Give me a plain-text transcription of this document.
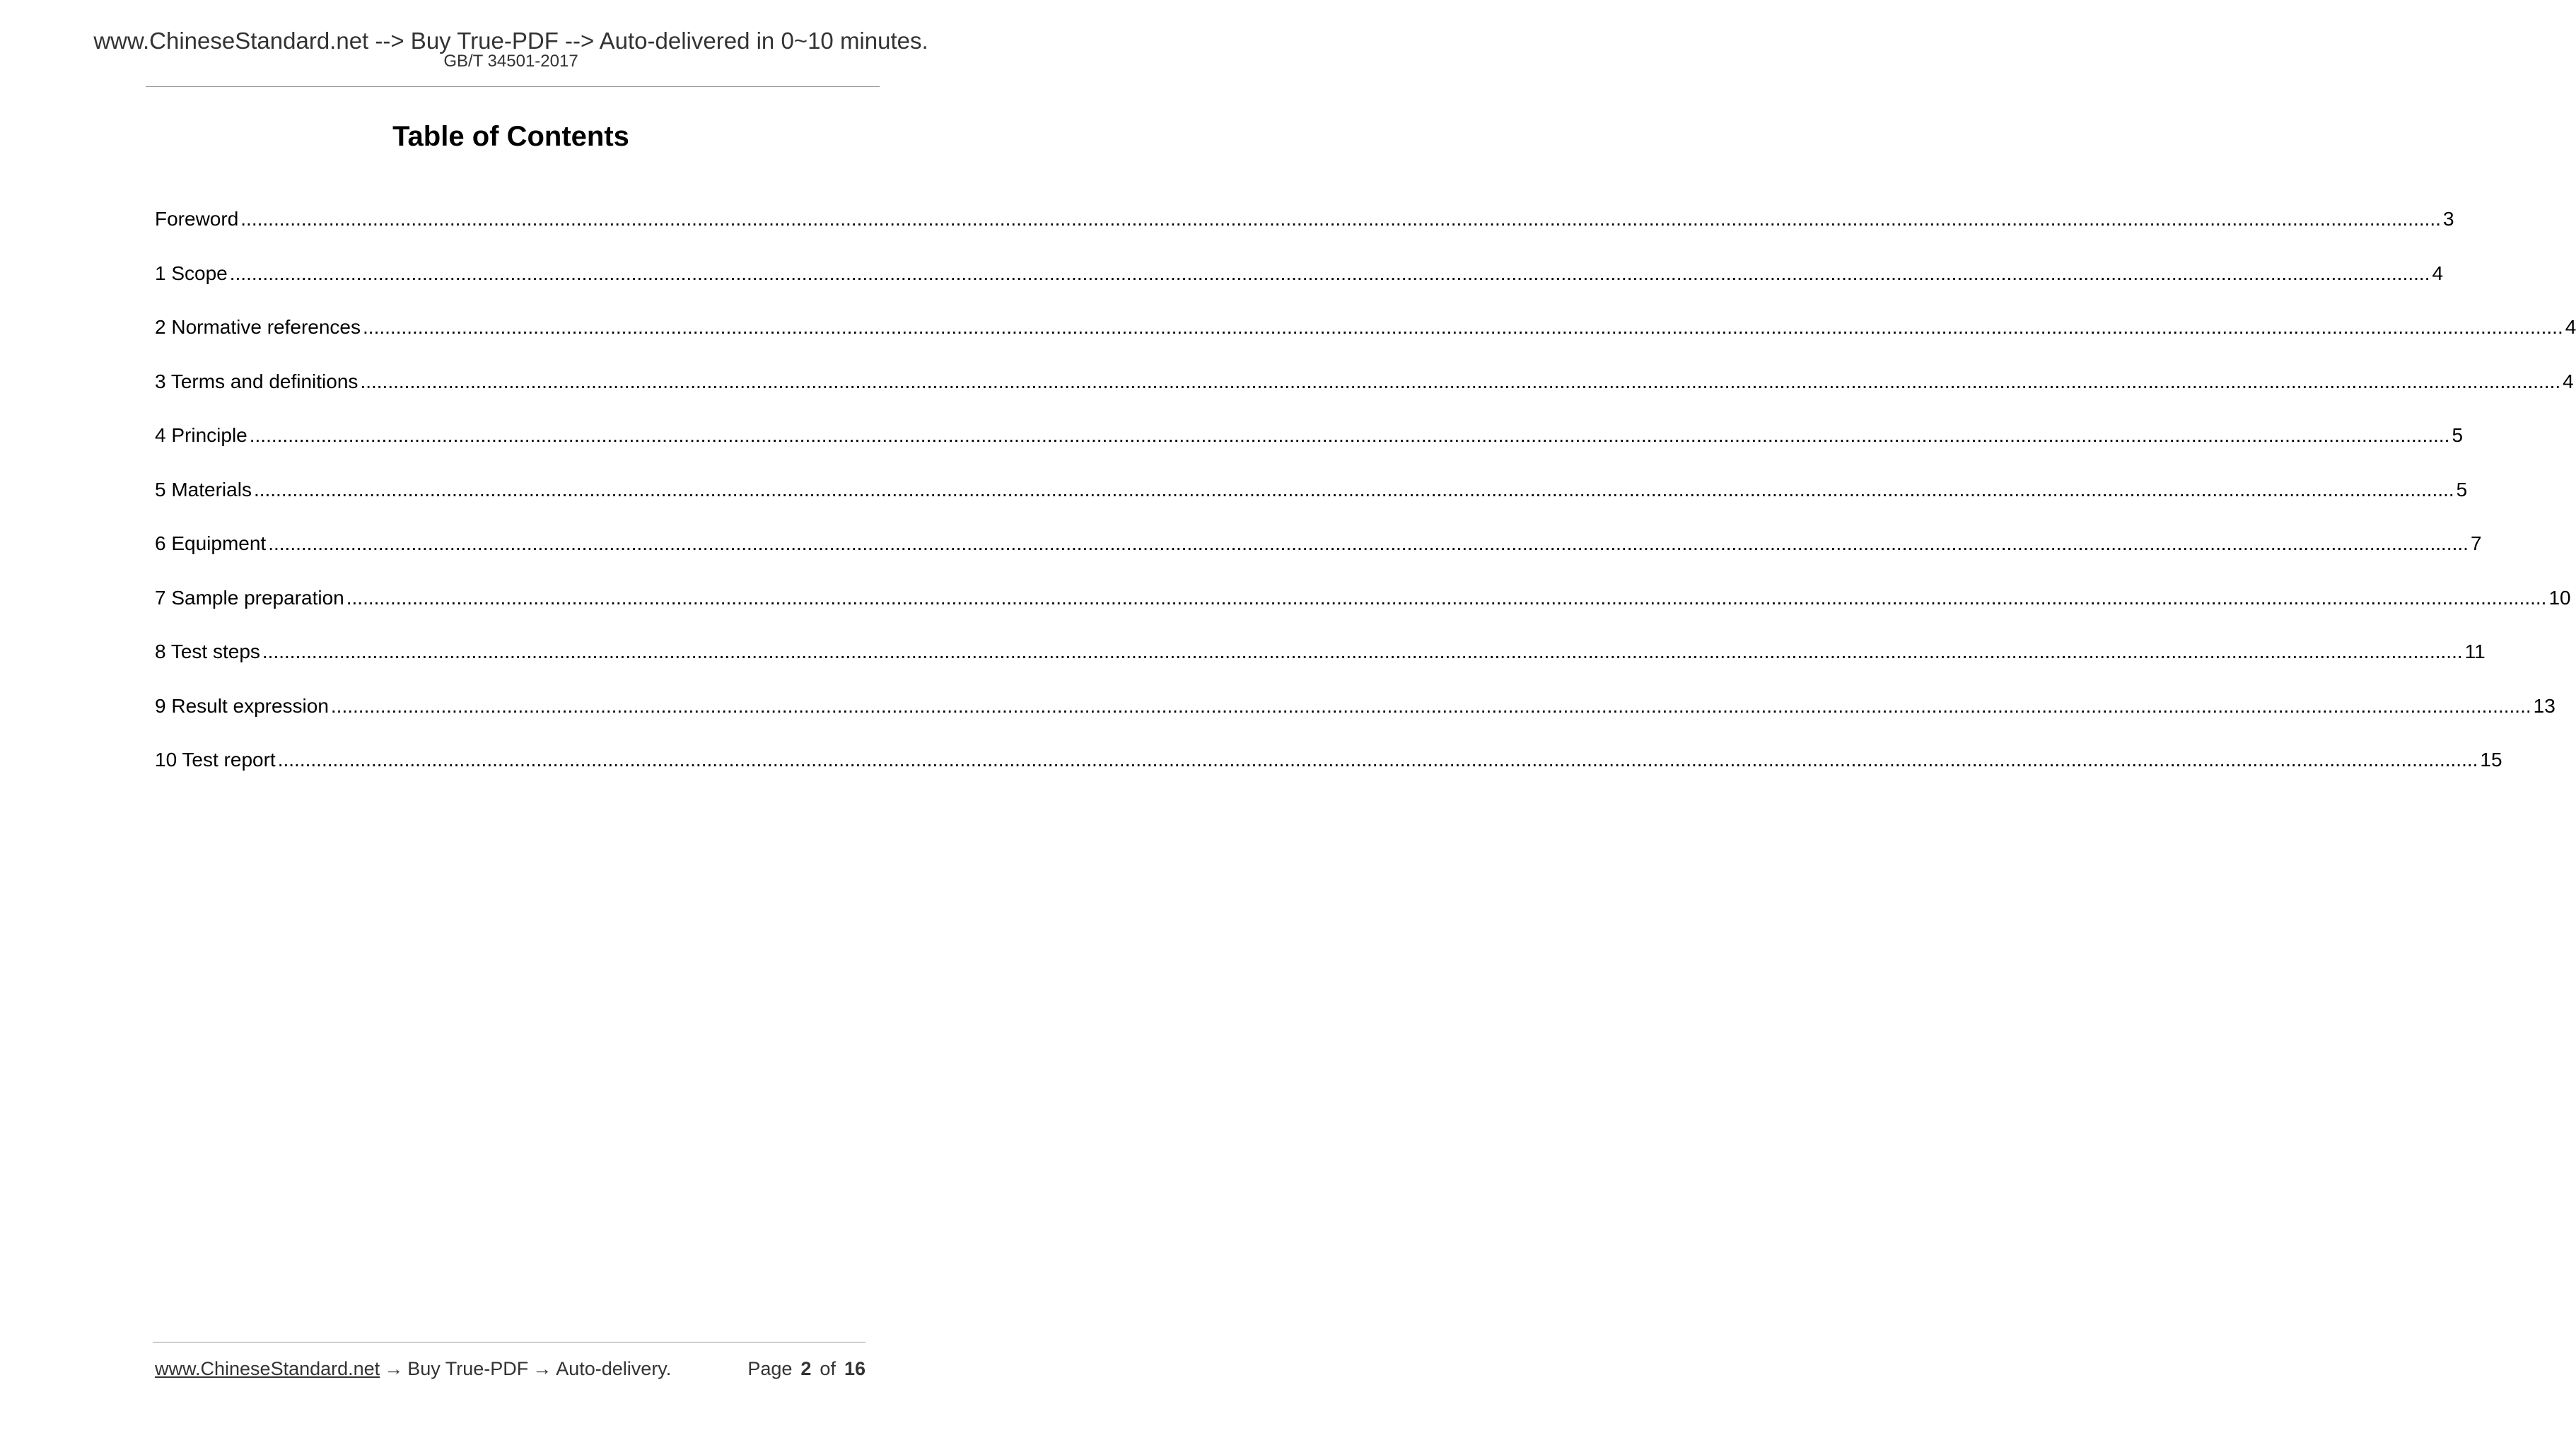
www.ChineseStandard.net --> Buy True-PDF --> Auto-delivered in 0~10 minutes.
GB/T 34501-2017
Table of Contents
Foreword ................................................................................................................................................................................................................................................................................................................................................................................................................ 3
1 Scope ................................................................................................................................................................................................................................................................................................................................................................................................................ 4
2 Normative references ................................................................................................................................................................................................................................................................................................................................................................................................................ 4
3 Terms and definitions ................................................................................................................................................................................................................................................................................................................................................................................................................ 4
4 Principle ................................................................................................................................................................................................................................................................................................................................................................................................................ 5
5 Materials ................................................................................................................................................................................................................................................................................................................................................................................................................ 5
6 Equipment ................................................................................................................................................................................................................................................................................................................................................................................................................ 7
7 Sample preparation ................................................................................................................................................................................................................................................................................................................................................................................................................ 10
8 Test steps ................................................................................................................................................................................................................................................................................................................................................................................................................ 11
9 Result expression ................................................................................................................................................................................................................................................................................................................................................................................................................ 13
10 Test report ................................................................................................................................................................................................................................................................................................................................................................................................................ 15
www.ChineseStandard.net → Buy True-PDF → Auto-delivery.	Page 2 of 16
